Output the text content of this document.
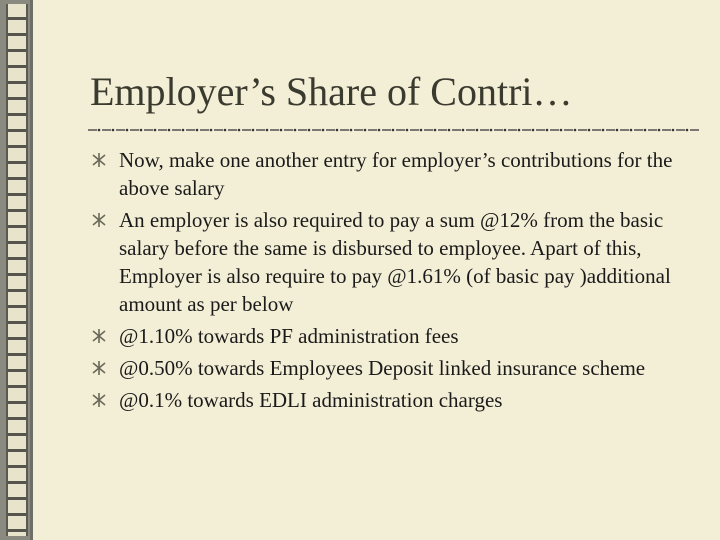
Employer’s Share of Contri…
Now, make one another entry for employer’s contributions for the above salary
An employer is also required to pay a sum @12% from the basic salary before the same is disbursed to employee. Apart of this, Employer is also require to pay @1.61% (of basic pay )additional amount as per below
@1.10% towards PF administration fees
@0.50% towards Employees Deposit linked insurance scheme
@0.1% towards EDLI administration charges
